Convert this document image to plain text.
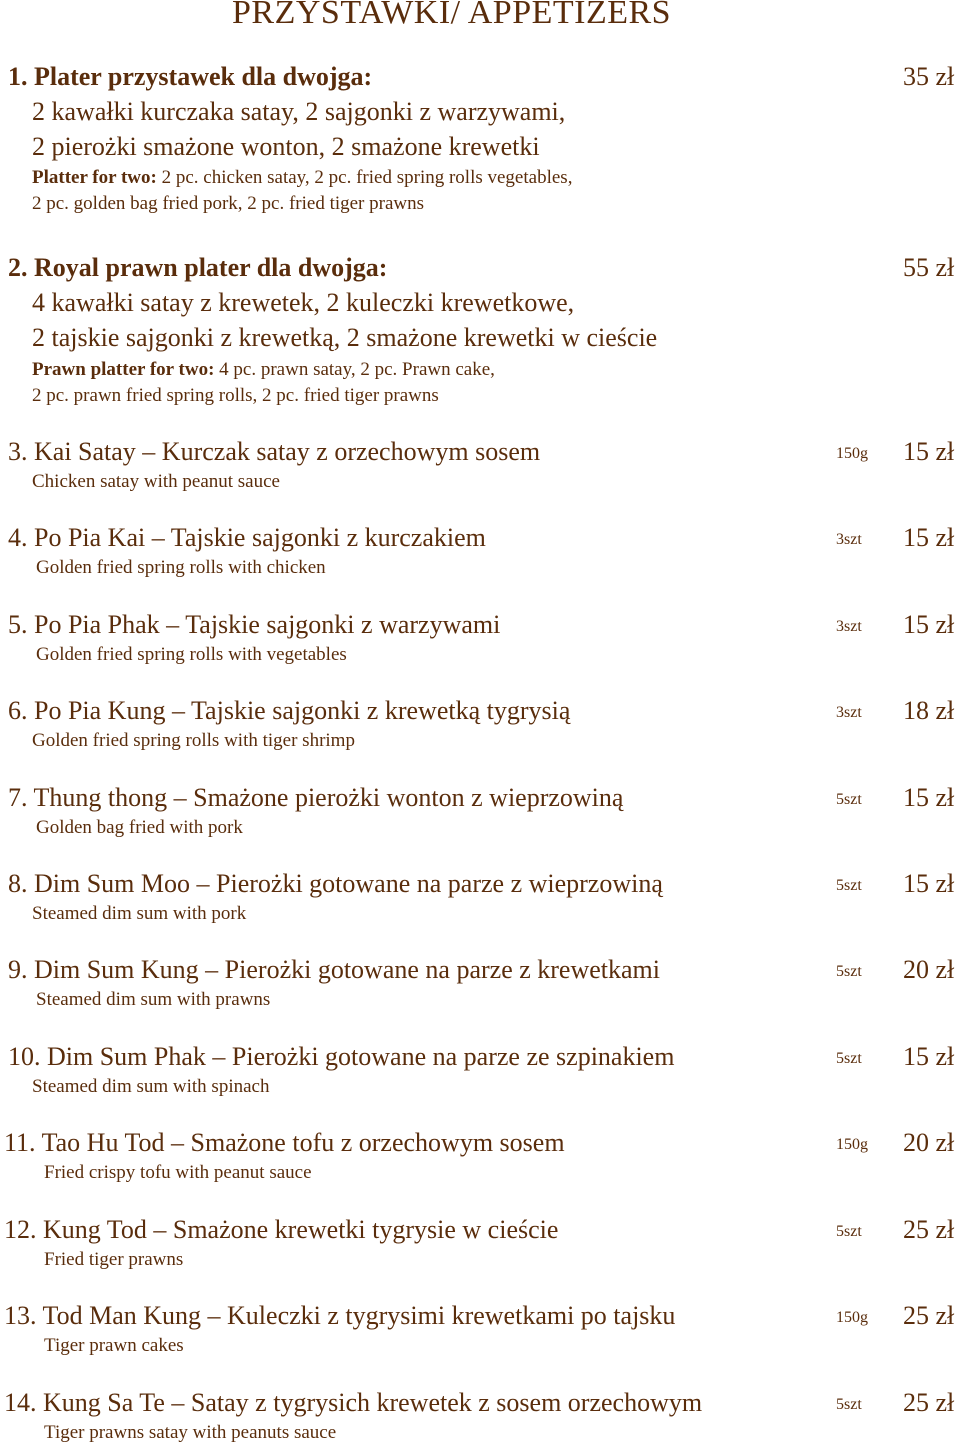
PRZYSTAWKI/ APPETIZERS
1. Plater przystawek dla dwojga:	35 zł
2 kawałki kurczaka satay, 2 sajgonki z warzywami,
2 pierożki smażone wonton, 2 smażone krewetki
Platter for two: 2 pc. chicken satay, 2 pc. fried spring rolls vegetables,
2 pc. golden bag fried pork, 2 pc. fried tiger prawns
2. Royal prawn plater dla dwojga:	55 zł
4 kawałki satay z krewetek, 2 kuleczki krewetkowe,
2 tajskie sajgonki z krewetką, 2 smażone krewetki w cieście
Prawn platter for two: 4 pc. prawn satay, 2 pc. Prawn cake,
2 pc. prawn fried spring rolls, 2 pc. fried tiger prawns
3. Kai Satay – Kurczak satay z orzechowym sosem	150g 15 zł
Chicken satay with peanut sauce
4. Po Pia Kai – Tajskie sajgonki z kurczakiem	3szt 15 zł
Golden fried spring rolls with chicken
5. Po Pia Phak – Tajskie sajgonki z warzywami	3szt 15 zł
Golden fried spring rolls with vegetables
6. Po Pia Kung – Tajskie sajgonki z krewetką tygrysią	3szt 18 zł
Golden fried spring rolls with tiger shrimp
7. Thung thong – Smażone pierożki wonton z wieprzowiną	5szt 15 zł
Golden bag fried with pork
8. Dim Sum Moo – Pierożki gotowane na parze z wieprzowiną	5szt 15 zł
Steamed dim sum with pork
9. Dim Sum Kung – Pierożki gotowane na parze z krewetkami	5szt 20 zł
Steamed dim sum with prawns
10. Dim Sum Phak – Pierożki gotowane na parze ze szpinakiem	5szt 15 zł
Steamed dim sum with spinach
11. Tao Hu Tod – Smażone tofu z orzechowym sosem	150g 20 zł
Fried crispy tofu with peanut sauce
12. Kung Tod – Smażone krewetki tygrysie w cieście	5szt 25 zł
Fried tiger prawns
13. Tod Man Kung – Kuleczki z tygrysimi krewetkami po tajsku	150g 25 zł
Tiger prawn cakes
14. Kung Sa Te – Satay z tygrysich krewetek z sosem orzechowym	5szt 25 zł
Tiger prawns satay with peanuts sauce
